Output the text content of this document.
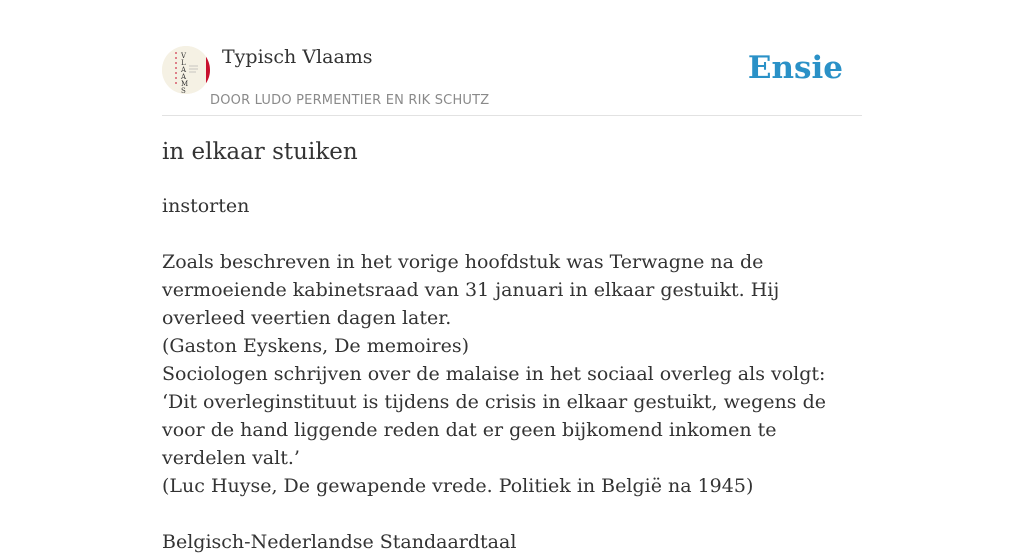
V L A A M S
Typisch Vlaams
DOOR LUDO PERMENTIER EN RIK SCHUTZ
Ensie
in elkaar stuiken

instorten

Zoals beschreven in het vorige hoofdstuk was Terwagne na de vermoeiende kabinetsraad van 31 januari in elkaar gestuikt. Hij overleed veertien dagen later.
(Gaston Eyskens, De memoires)
Sociologen schrijven over de malaise in het sociaal overleg als volgt: ‘Dit overleginstituut is tijdens de crisis in elkaar gestuikt, wegens de voor de hand liggende reden dat er geen bijkomend inkomen te verdelen valt.’
(Luc Huyse, De gewapende vrede. Politiek in België na 1945)

Belgisch-Nederlandse Standaardtaal
